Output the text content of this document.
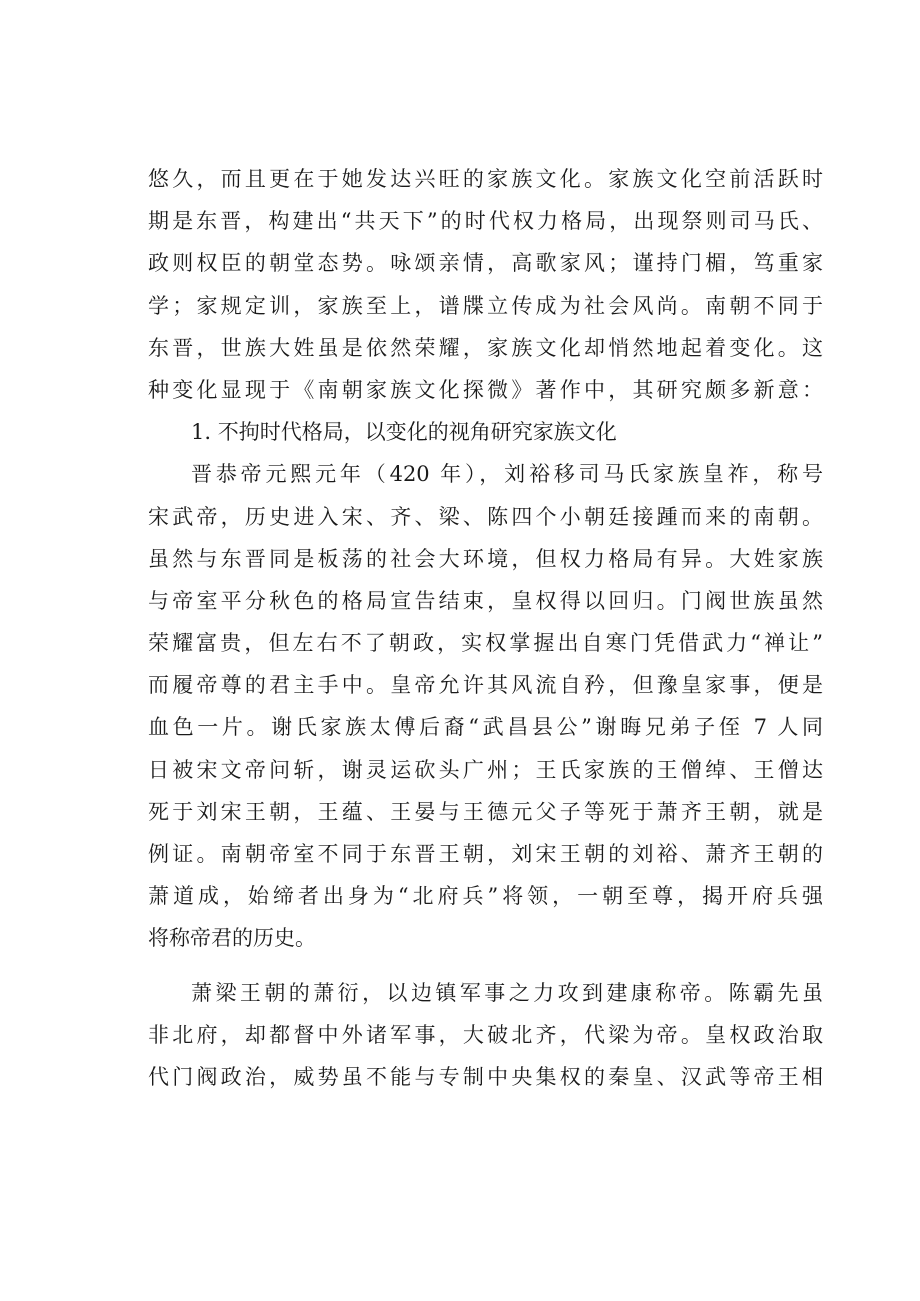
悠久，而且更在于她发达兴旺的家族文化。家族文化空前活跃时
期是东晋，构建出“共天下”的时代权力格局，出现祭则司马氏、
政则权臣的朝堂态势。咏颂亲情，高歌家风；谨持门楣，笃重家
学；家规定训，家族至上，谱牒立传成为社会风尚。南朝不同于
东晋，世族大姓虽是依然荣耀，家族文化却悄然地起着变化。这
种变化显现于《南朝家族文化探微》著作中，其研究颇多新意：
1. 不拘时代格局，以变化的视角研究家族文化
晋恭帝元熙元年（420 年），刘裕移司马氏家族皇祚，称号
宋武帝，历史进入宋、齐、梁、陈四个小朝廷接踵而来的南朝。
虽然与东晋同是板荡的社会大环境，但权力格局有异。大姓家族
与帝室平分秋色的格局宣告结束，皇权得以回归。门阀世族虽然
荣耀富贵，但左右不了朝政，实权掌握出自寒门凭借武力“禅让”
而履帝尊的君主手中。皇帝允许其风流自矜，但豫皇家事，便是
血色一片。谢氏家族太傅后裔“武昌县公”谢晦兄弟子侄 7 人同
日被宋文帝问斩，谢灵运砍头广州；王氏家族的王僧绰、王僧达
死于刘宋王朝，王蕴、王晏与王德元父子等死于萧齐王朝，就是
例证。南朝帝室不同于东晋王朝，刘宋王朝的刘裕、萧齐王朝的
萧道成，始缔者出身为“北府兵”将领，一朝至尊，揭开府兵强
将称帝君的历史。
萧梁王朝的萧衍，以边镇军事之力攻到建康称帝。陈霸先虽
非北府，却都督中外诸军事，大破北齐，代梁为帝。皇权政治取
代门阀政治，威势虽不能与专制中央集权的秦皇、汉武等帝王相
